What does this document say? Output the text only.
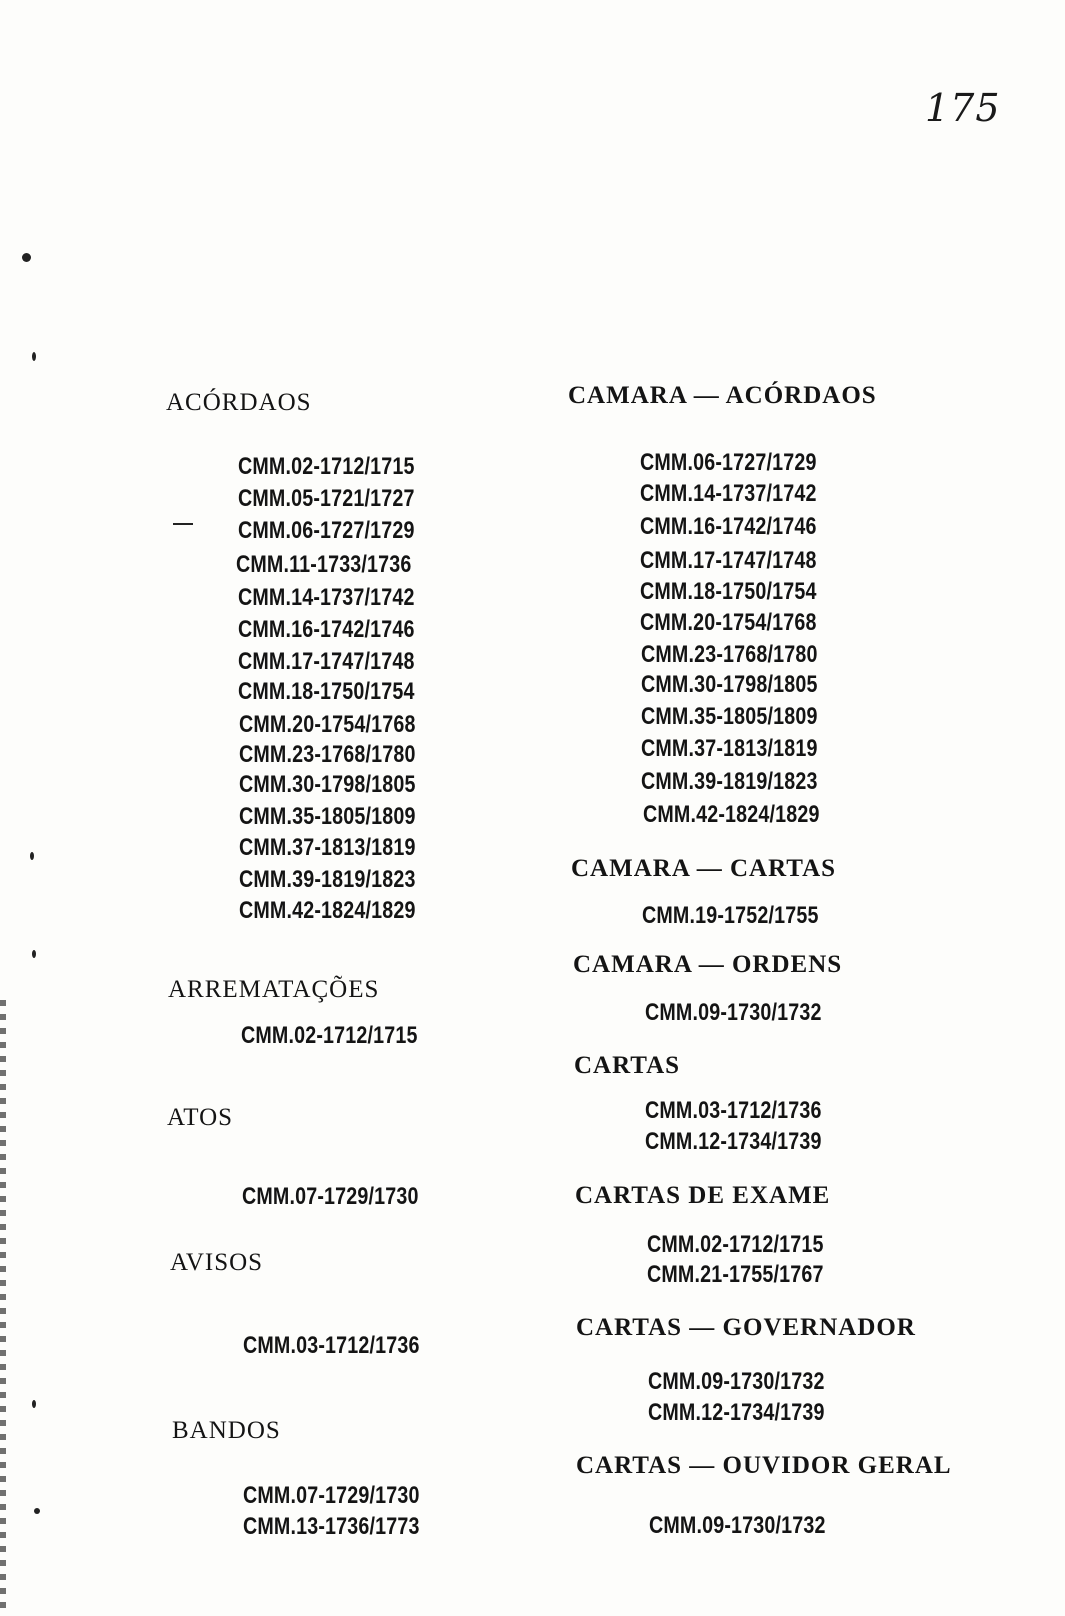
175
ACÓRDAOS
CMM.02-1712/1715
CMM.05-1721/1727
CMM.06-1727/1729
CMM.11-1733/1736
CMM.14-1737/1742
CMM.16-1742/1746
CMM.17-1747/1748
CMM.18-1750/1754
CMM.20-1754/1768
CMM.23-1768/1780
CMM.30-1798/1805
CMM.35-1805/1809
CMM.37-1813/1819
CMM.39-1819/1823
CMM.42-1824/1829
ARREMATAÇÕES
CMM.02-1712/1715
ATOS
CMM.07-1729/1730
AVISOS
CMM.03-1712/1736
BANDOS
CMM.07-1729/1730
CMM.13-1736/1773
CAMARA — ACÓRDAOS
CMM.06-1727/1729
CMM.14-1737/1742
CMM.16-1742/1746
CMM.17-1747/1748
CMM.18-1750/1754
CMM.20-1754/1768
CMM.23-1768/1780
CMM.30-1798/1805
CMM.35-1805/1809
CMM.37-1813/1819
CMM.39-1819/1823
CMM.42-1824/1829
CAMARA — CARTAS
CMM.19-1752/1755
CAMARA — ORDENS
CMM.09-1730/1732
CARTAS
CMM.03-1712/1736
CMM.12-1734/1739
CARTAS DE EXAME
CMM.02-1712/1715
CMM.21-1755/1767
CARTAS — GOVERNADOR
CMM.09-1730/1732
CMM.12-1734/1739
CARTAS — OUVIDOR GERAL
CMM.09-1730/1732
